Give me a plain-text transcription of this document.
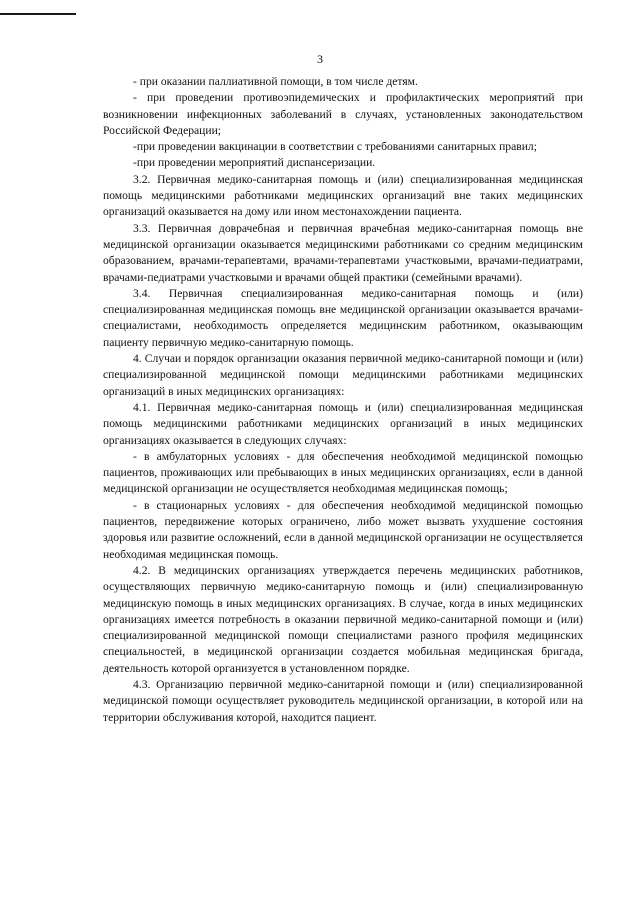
3

- при оказании паллиативной помощи, в том числе детям.

- при проведении противоэпидемических и профилактических мероприятий при возникновении инфекционных заболеваний в случаях, установленных законодательством Российской Федерации;

-при проведении вакцинации в соответствии с требованиями санитарных правил;

-при проведении мероприятий диспансеризации.

3.2. Первичная медико-санитарная помощь и (или) специализированная медицинская помощь медицинскими работниками медицинских организаций вне таких медицинских организаций оказывается на дому или ином местонахождении пациента.

3.3. Первичная доврачебная и первичная врачебная медико-санитарная помощь вне медицинской организации оказывается медицинскими работниками со средним медицинским образованием, врачами-терапевтами, врачами-терапевтами участковыми, врачами-педиатрами, врачами-педиатрами участковыми и врачами общей практики (семейными врачами).

3.4. Первичная специализированная медико-санитарная помощь и (или) специализированная медицинская помощь вне медицинской организации оказывается врачами-специалистами, необходимость определяется медицинским работником, оказывающим пациенту первичную медико-санитарную помощь.

4. Случаи и порядок организации оказания первичной медико-санитарной помощи и (или) специализированной медицинской помощи медицинскими работниками медицинских организаций в иных медицинских организациях:

4.1. Первичная медико-санитарная помощь и (или) специализированная медицинская помощь медицинскими работниками медицинских организаций в иных медицинских организациях оказывается в следующих случаях:

- в амбулаторных условиях - для обеспечения необходимой медицинской помощью пациентов, проживающих или пребывающих в иных медицинских организациях, если в данной медицинской организации не осуществляется необходимая медицинская помощь;

- в стационарных условиях - для обеспечения необходимой медицинской помощью пациентов, передвижение которых ограничено, либо может вызвать ухудшение состояния здоровья или развитие осложнений, если в данной медицинской организации не осуществляется необходимая медицинская помощь.

4.2. В медицинских организациях утверждается перечень медицинских работников, осуществляющих первичную медико-санитарную помощь и (или) специализированную медицинскую помощь в иных медицинских организациях. В случае, когда в иных медицинских организациях имеется потребность в оказании первичной медико-санитарной помощи и (или) специализированной медицинской помощи специалистами разного профиля медицинских специальностей, в медицинской организации создается мобильная медицинская бригада, деятельность которой организуется в установленном порядке.

4.3. Организацию первичной медико-санитарной помощи и (или) специализированной медицинской помощи осуществляет руководитель медицинской организации, в которой или на территории обслуживания которой, находится пациент.
